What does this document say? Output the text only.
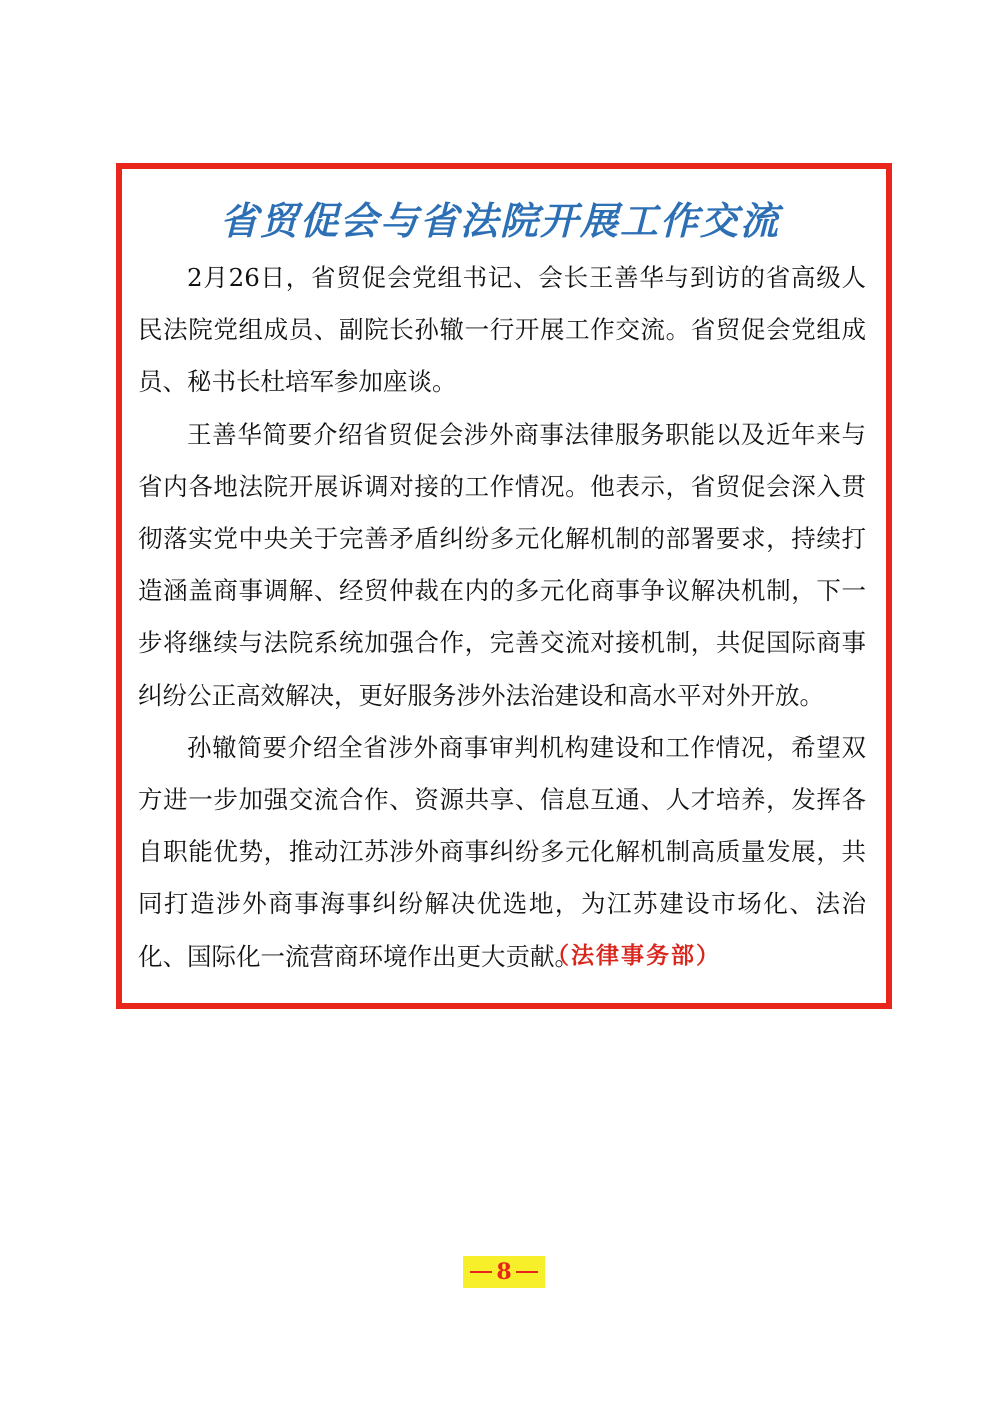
省贸促会与省法院开展工作交流

2月26日，省贸促会党组书记、会长王善华与到访的省高级人民法院党组成员、副院长孙辙一行开展工作交流。省贸促会党组成员、秘书长杜培军参加座谈。

王善华简要介绍省贸促会涉外商事法律服务职能以及近年来与省内各地法院开展诉调对接的工作情况。他表示，省贸促会深入贯彻落实党中央关于完善矛盾纠纷多元化解机制的部署要求，持续打造涵盖商事调解、经贸仲裁在内的多元化商事争议解决机制，下一步将继续与法院系统加强合作，完善交流对接机制，共促国际商事纠纷公正高效解决，更好服务涉外法治建设和高水平对外开放。

孙辙简要介绍全省涉外商事审判机构建设和工作情况，希望双方进一步加强交流合作、资源共享、信息互通、人才培养，发挥各自职能优势，推动江苏涉外商事纠纷多元化解机制高质量发展，共同打造涉外商事海事纠纷解决优选地，为江苏建设市场化、法治化、国际化一流营商环境作出更大贡献。

（法律事务部）
8
